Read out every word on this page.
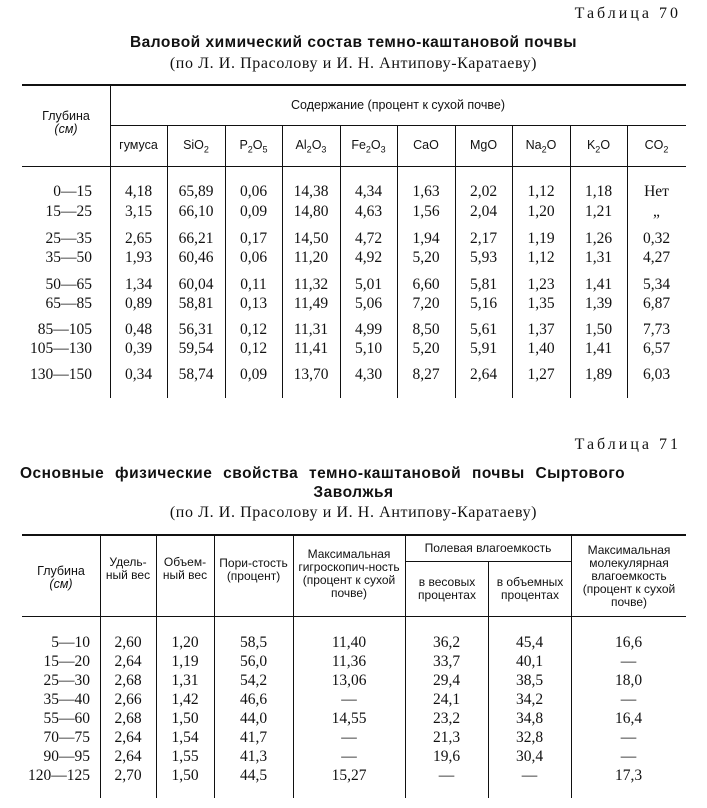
Таблица 70
Валовой химический состав темно-каштановой почвы
(по Л. И. Прасолову и И. Н. Антипову-Каратаеву)
Глубина
(см)
Содержание (процент к сухой почве)
гумуса	SiO$_2$	$P_2O_5$	$Al_2O_3$	$Fe_2O_3$	CaO	MgO	$Na_2O$	$K_2O$	$CO_2$
0—15	4,18	65,89	0,06	14,38	4,34	1,63	2,02	1,12	1,18	Нет
15—25	3,15	66,10	0,09	14,80	4,63	1,56	2,04	1,20	1,21	„
25—35	2,65	66,21	0,17	14,50	4,72	1,94	2,17	1,19	1,26	0,32
35—50	1,93	60,46	0,06	11,20	4,92	5,20	5,93	1,12	1,31	4,27
50—65	1,34	60,04	0,11	11,32	5,01	6,60	5,81	1,23	1,41	5,34
65—85	0,89	58,81	0,13	11,49	5,06	7,20	5,16	1,35	1,39	6,87
85—105	0,48	56,31	0,12	11,31	4,99	8,50	5,61	1,37	1,50	7,73
105—130	0,39	59,54	0,12	11,41	5,10	5,20	5,91	1,40	1,41	6,57
130—150	0,34	58,74	0,09	13,70	4,30	8,27	2,64	1,27	1,89	6,03
Таблица 71
Основные физические свойства темно-каштановой почвы Сыртового
Заволжья
(по Л. И. Прасолову и И. Н. Антипову-Каратаеву)
Глубина
(см)
Удель-ный вес
Объем-ный вес
Пори-стость (процент)
Максимальная гигроскопич-ность (процент к сухой почве)
Полевая влагоемкость
в весовых процентах
в объемных процентах
Максимальная молекулярная влагоемкость (процент к сухой почве)
5—10	2,60	1,20	58,5	11,40	36,2	45,4	16,6
15—20	2,64	1,19	56,0	11,36	33,7	40,1	—
25—30	2,68	1,31	54,2	13,06	29,4	38,5	18,0
35—40	2,66	1,42	46,6	—	24,1	34,2	—
55—60	2,68	1,50	44,0	14,55	23,2	34,8	16,4
70—75	2,64	1,54	41,7	—	21,3	32,8	—
90—95	2,64	1,55	41,3	—	19,6	30,4	—
120—125	2,70	1,50	44,5	15,27	—	—	17,3
